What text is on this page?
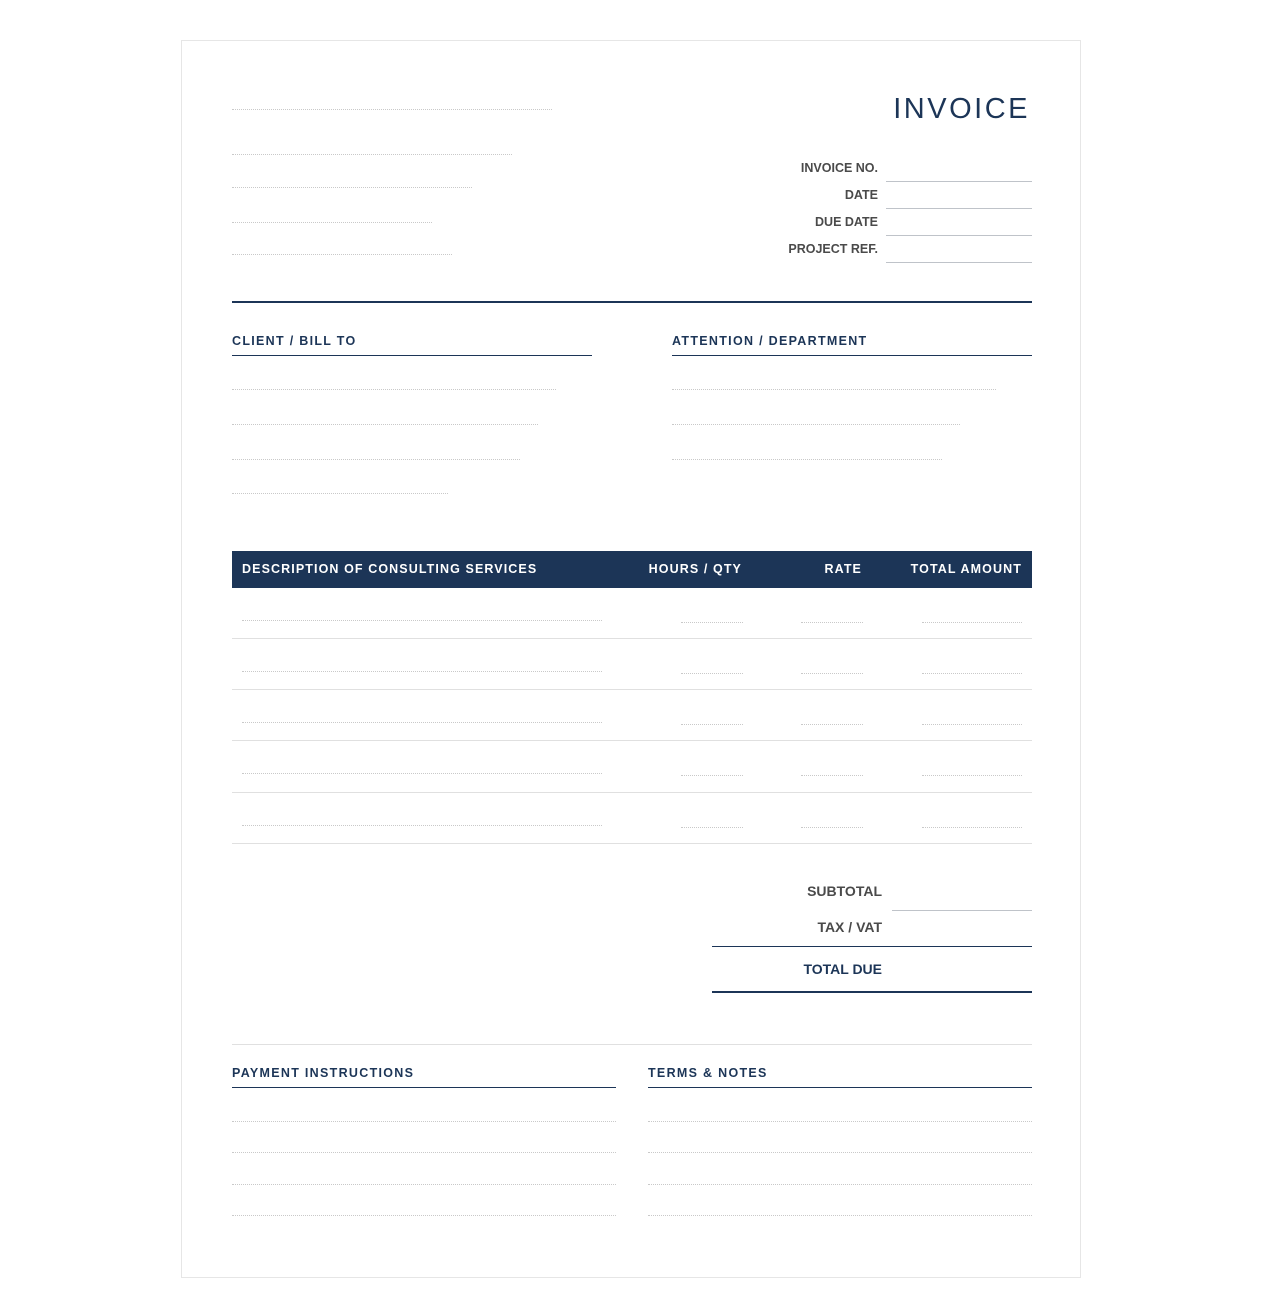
INVOICE
INVOICE NO.
DATE
DUE DATE
PROJECT REF.
CLIENT / BILL TO	ATTENTION / DEPARTMENT
DESCRIPTION OF CONSULTING SERVICES	HOURS / QTY	RATE	TOTAL AMOUNT
SUBTOTAL
TAX / VAT
TOTAL DUE
PAYMENT INSTRUCTIONS	TERMS & NOTES
